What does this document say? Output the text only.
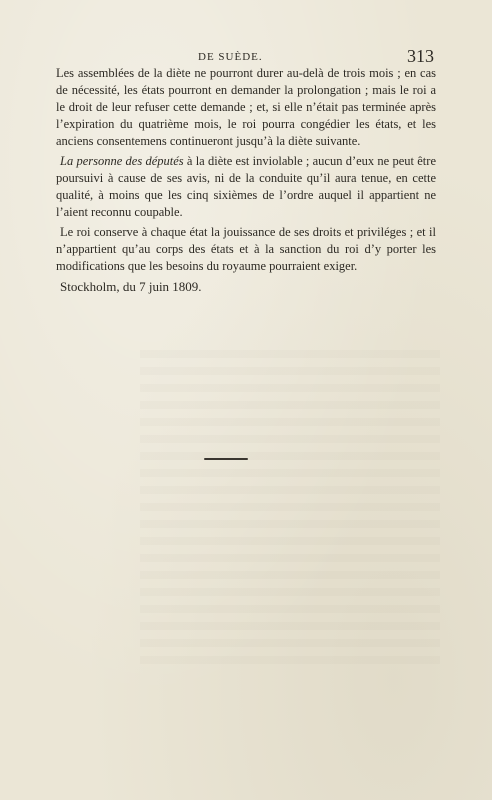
DE SUÈDE.	313

Les assemblées de la diète ne pourront durer au-delà de trois mois ; en cas de nécessité, les états pourront en demander la prolongation ; mais le roi a le droit de leur refuser cette demande ; et, si elle n’était pas terminée après l’expiration du quatrième mois, le roi pourra congédier les états, et les anciens consentemens continueront jusqu’à la diète suivante.

La personne des députés à la diète est inviolable ; aucun d’eux ne peut être poursuivi à cause de ses avis, ni de la conduite qu’il aura tenue, en cette qualité, à moins que les cinq sixièmes de l’ordre auquel il appartient ne l’aient reconnu coupable.

Le roi conserve à chaque état la jouissance de ses droits et priviléges ; et il n’appartient qu’au corps des états et à la sanction du roi d’y porter les modifications que les besoins du royaume pourraient exiger.

Stockholm, du 7 juin 1809.
